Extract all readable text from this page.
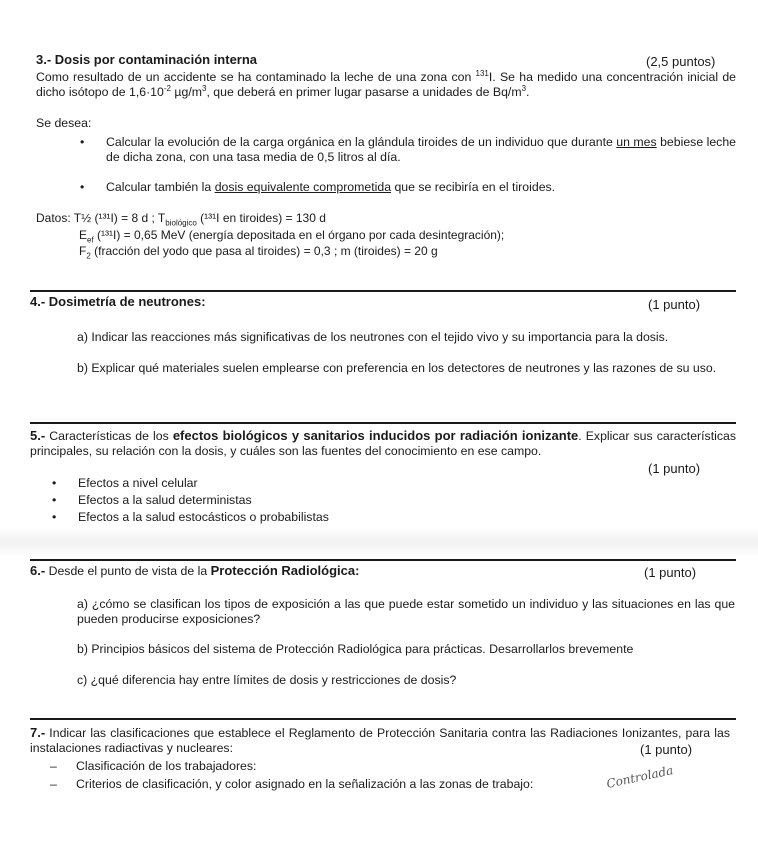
3.- Dosis por contaminación interna	(2,5 puntos)
Como resultado de un accidente se ha contaminado la leche de una zona con $^{131}$I. Se ha medido una concentración inicial de dicho isótopo de $1,6\cdot 10^{-2}$ $\mu g/m^3$, que deberá en primer lugar pasarse a unidades de $Bq/m^3$.
Se desea:
• Calcular la evolución de la carga orgánica en la glándula tiroides de un individuo que durante un mes bebiese leche de dicha zona, con una tasa media de 0,5 litros al día.
• Calcular también la dosis equivalente comprometida que se recibiría en el tiroides.
Datos: T½ (¹³¹I) = 8 d ; $T_{biológico}$ (¹³¹I en tiroides) = 130 d
$E_{ef}$ (¹³¹I) = 0,65 MeV (energía depositada en el órgano por cada desintegración);
$F_2$ (fracción del yodo que pasa al tiroides) = 0,3 ; m (tiroides) = 20 g
4.- Dosimetría de neutrones:	(1 punto)
a) Indicar las reacciones más significativas de los neutrones con el tejido vivo y su importancia para la dosis.
b) Explicar qué materiales suelen emplearse con preferencia en los detectores de neutrones y las razones de su uso.
5.- Características de los efectos biológicos y sanitarios inducidos por radiación ionizante. Explicar sus características principales, su relación con la dosis, y cuáles son las fuentes del conocimiento en ese campo.
(1 punto)
• Efectos a nivel celular
• Efectos a la salud deterministas
• Efectos a la salud estocásticos o probabilistas
6.- Desde el punto de vista de la Protección Radiológica:	(1 punto)
a) ¿cómo se clasifican los tipos de exposición a las que puede estar sometido un individuo y las situaciones en las que pueden producirse exposiciones?
b) Principios básicos del sistema de Protección Radiológica para prácticas. Desarrollarlos brevemente
c) ¿qué diferencia hay entre límites de dosis y restricciones de dosis?
7.- Indicar las clasificaciones que establece el Reglamento de Protección Sanitaria contra las Radiaciones Ionizantes, para las instalaciones radiactivas y nucleares:	(1 punto)
– Clasificación de los trabajadores:
– Criterios de clasificación, y color asignado en la señalización a las zonas de trabajo:	Controlada
